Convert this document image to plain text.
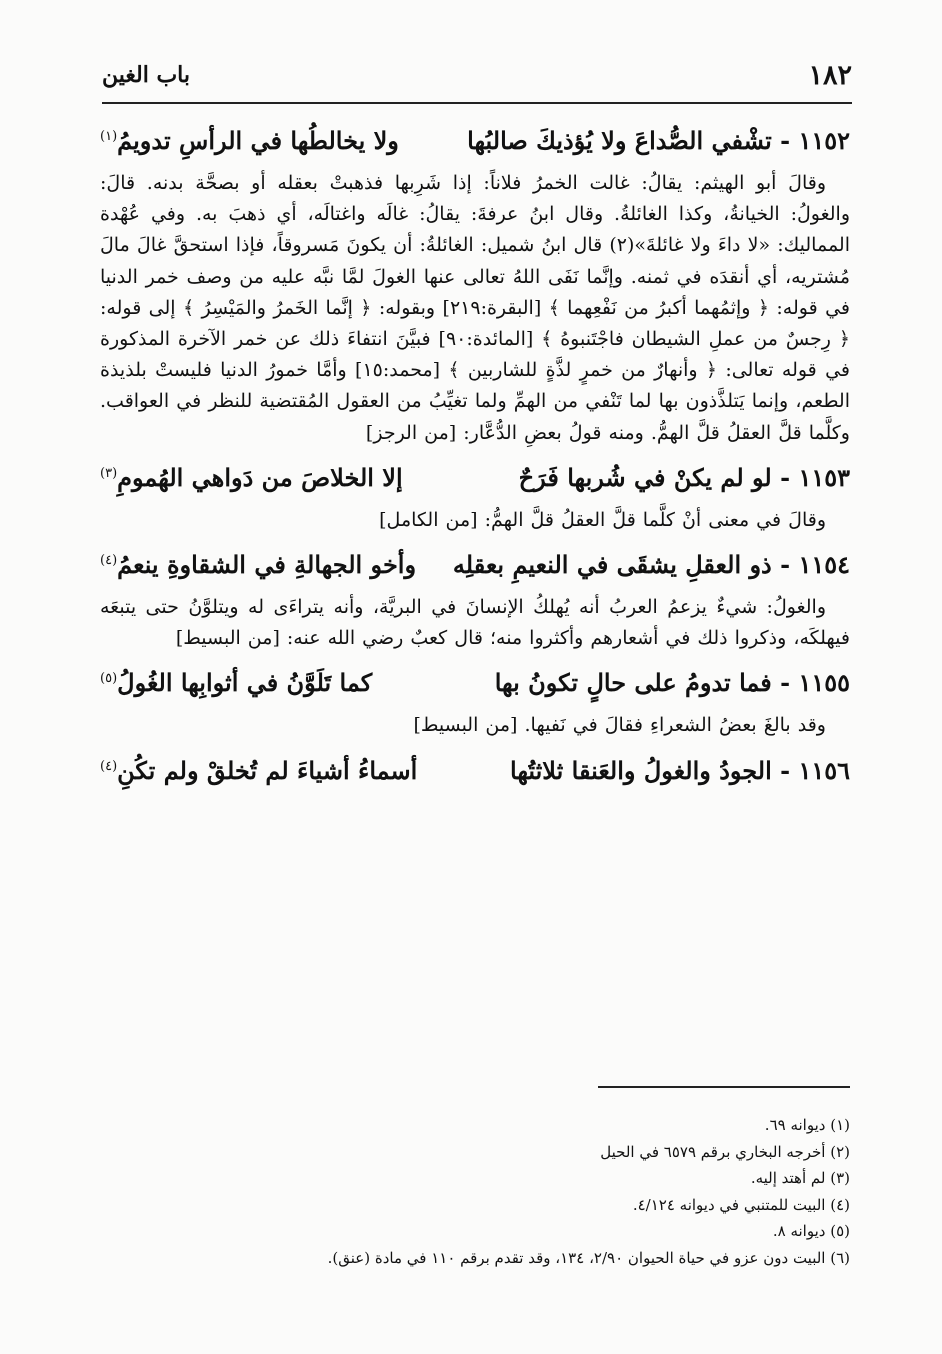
١٨٢
باب الغين
١١٥٢ - تشْفي الصُّداعَ ولا يُؤذيكَ صالبُها
ولا يخالطُها في الرأسِ تدويمُ$^{(١)}$

وقالَ أبو الهيثم: يقالُ: غالت الخمرُ فلاناً: إذا شَرِبها فذهبتْ بعقله أو بصحَّة بدنه. قالَ: والغولُ: الخيانةُ، وكذا الغائلةُ. وقال ابنُ عرفةَ: يقالُ: غالَه واغتالَه، أي ذهبَ به. وفي عُهْدة المماليك: «لا داءَ ولا غائلةَ»(٢) قال ابنُ شميل: الغائلةُ: أن يكونَ مَسروقاً، فإذا استحقَّ غالَ مالَ مُشتريه، أي أنقدَه في ثمنه. وإنَّما نَفَى اللهُ تعالى عنها الغولَ لمَّا نبَّه عليه من وصف خمر الدنيا في قوله: ﴿ وإثمُهما أكبرُ من نَفْعِهما ﴾ [البقرة:٢١٩] وبقوله: ﴿ إنَّما الخَمرُ والمَيْسِرُ ﴾ إلى قوله: ﴿ رِجسٌ من عملِ الشيطان فاجْتَنبوهُ ﴾ [المائدة:٩٠] فبيَّنَ انتفاءَ ذلك عن خمر الآخرة المذكورة في قوله تعالى: ﴿ وأنهارٌ من خمرٍ لذَّةٍ للشاربين ﴾ [محمد:١٥] وأمَّا خمورُ الدنيا فليستْ بلذيذة الطعم، وإنما يَتلذَّذون بها لما تَنْفي من الهمِّ ولما تغيِّبُ من العقول المُقتضية للنظر في العواقب. وكلَّما قلَّ العقلُ قلَّ الهمُّ. ومنه قولُ بعضِ الدُّعَّار: [من الرجز]

١١٥٣ - لو لم يكنْ في شُربها فَرَحٌ
إلا الخلاصَ من دَواهي الهُمومِ$^{(٣)}$

وقالَ في معنى أنْ كلَّما قلَّ العقلُ قلَّ الهمُّ: [من الكامل]

١١٥٤ - ذو العقلِ يشقَى في النعيمِ بعقلِه
وأخو الجهالةِ في الشقاوةِ ينعمُ$^{(٤)}$

والغولُ: شيءٌ يزعمُ العربُ أنه يُهلكُ الإنسانَ في البريَّة، وأنه يتراءَى له ويتلوَّنُ حتى يتبعَه فيهلكَه، وذكروا ذلك في أشعارهم وأكثروا منه؛ قال كعبٌ رضي الله عنه: [من البسيط]

١١٥٥ - فما تدومُ على حالٍ تكونُ بها
كما تَلَوَّنُ في أثوابِها الغُولُ$^{(٥)}$

وقد بالغَ بعضُ الشعراءِ فقالَ في نَفيها. [من البسيط]

١١٥٦ - الجودُ والغولُ والعَنقا ثلاثتُها
أسماءُ أشياءَ لم تُخلقْ ولم تكُنِ$^{(٤)}$
(١) ديوانه ٦٩.
(٢) أخرجه البخاري برقم ٦٥٧٩ في الحيل
(٣) لم أهتد إليه.
(٤) البيت للمتنبي في ديوانه ٤/١٢٤.
(٥) ديوانه ٨.
(٦) البيت دون عزو في حياة الحيوان ٢/٩٠، ١٣٤، وقد تقدم برقم ١١٠ في مادة (عنق).
